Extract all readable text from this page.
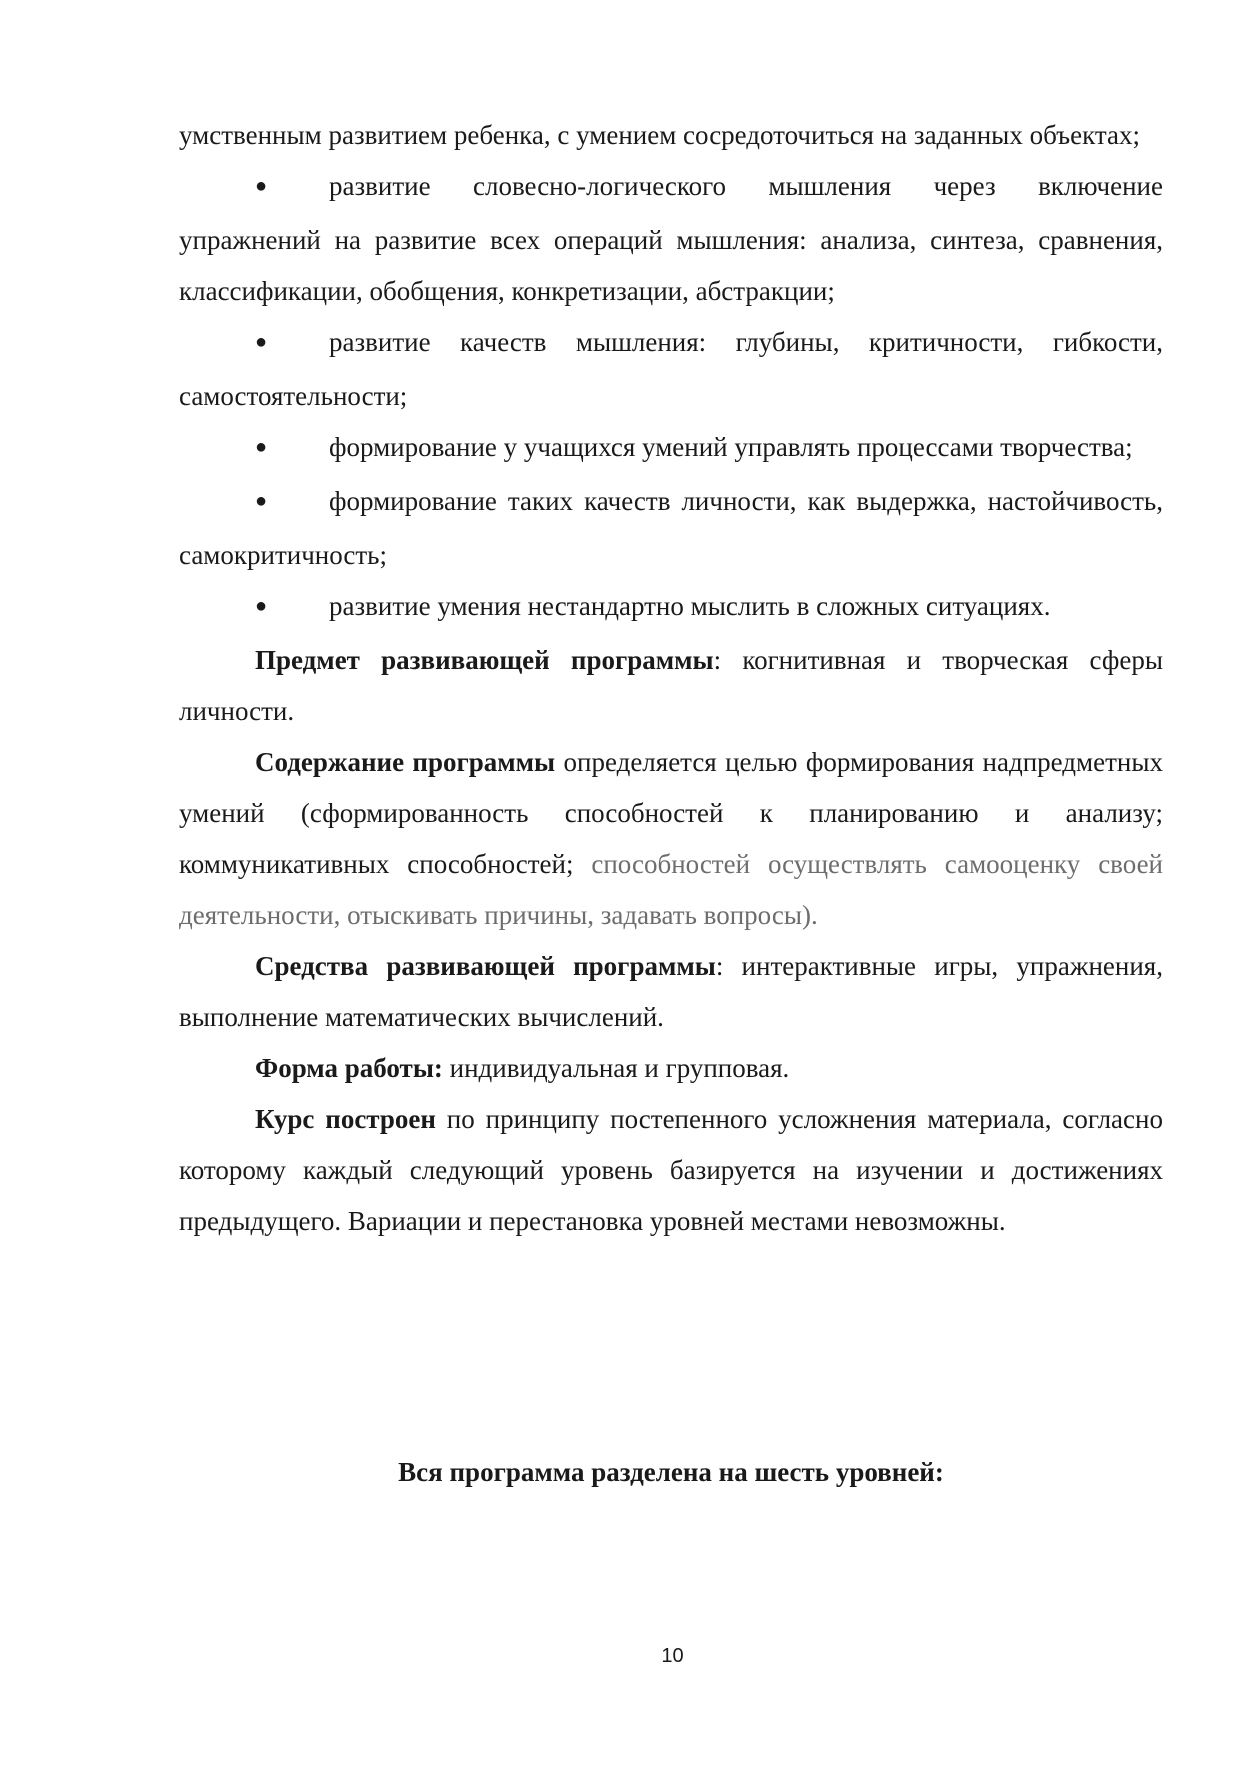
умственным развитием ребенка, с умением сосредоточиться на заданных объектах;

● развитие словесно-логического мышления через включение упражнений на развитие всех операций мышления: анализа, синтеза, сравнения, классификации, обобщения, конкретизации, абстракции;

● развитие качеств мышления: глубины, критичности, гибкости, самостоятельности;

● формирование у учащихся умений управлять процессами творчества;

● формирование таких качеств личности, как выдержка, настойчивость, самокритичность;

● развитие умения нестандартно мыслить в сложных ситуациях.

Предмет развивающей программы: когнитивная и творческая сферы личности.

Содержание программы определяется целью формирования надпредметных умений (сформированность способностей к планированию и анализу; коммуникативных способностей; способностей осуществлять самооценку своей деятельности, отыскивать причины, задавать вопросы).

Средства развивающей программы: интерактивные игры, упражнения, выполнение математических вычислений.

Форма работы: индивидуальная и групповая.

Курс построен по принципу постепенного усложнения материала, согласно которому каждый следующий уровень базируется на изучении и достижениях предыдущего. Вариации и перестановка уровней местами невозможны.

Вся программа разделена на шесть уровней:
10
